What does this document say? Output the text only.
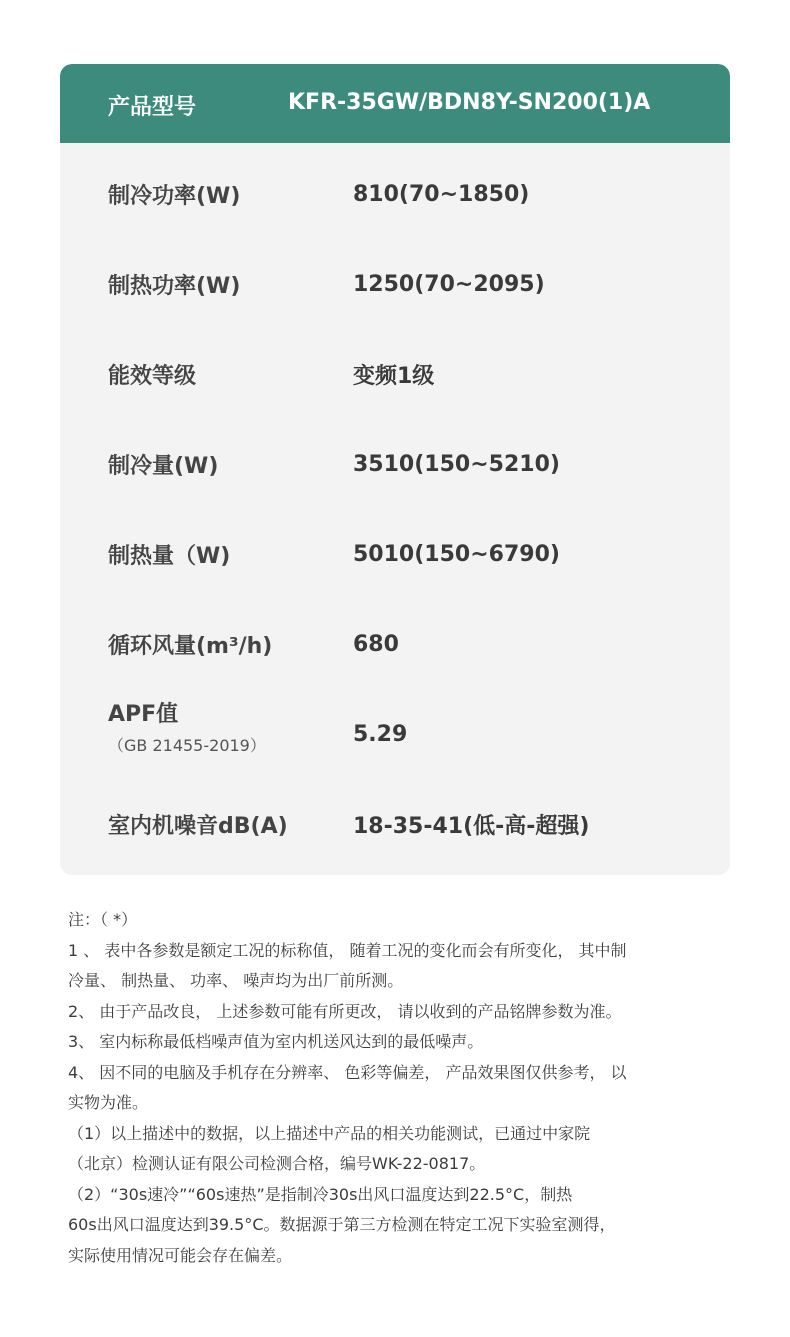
产品型号	KFR-35GW/BDN8Y-SN200(1)A
制冷功率(W)	810(70~1850)
制热功率(W)	1250(70~2095)
能效等级	变频1级
制冷量(W)	3510(150~5210)
制热量（W)	5010(150~6790)
循环风量(m³/h)	680
APF值
（GB 21455-2019）	5.29
室内机噪音dB(A)	18-35-41(低-高-超强)
注：（ *）
1 、 表中各参数是额定工况的标称值， 随着工况的变化而会有所变化， 其中制
冷量、 制热量、 功率、 噪声均为出厂前所测。
2、 由于产品改良， 上述参数可能有所更改， 请以收到的产品铭牌参数为准。
3、 室内标称最低档噪声值为室内机送风达到的最低噪声。
4、 因不同的电脑及手机存在分辨率、 色彩等偏差， 产品效果图仅供参考， 以
实物为准。
（1）以上描述中的数据，以上描述中产品的相关功能测试，已通过中家院
（北京）检测认证有限公司检测合格，编号WK-22-0817。
（2）“30s速冷”“60s速热”是指制冷30s出风口温度达到22.5°C，制热
60s出风口温度达到39.5°C。数据源于第三方检测在特定工况下实验室测得，
实际使用情况可能会存在偏差。
